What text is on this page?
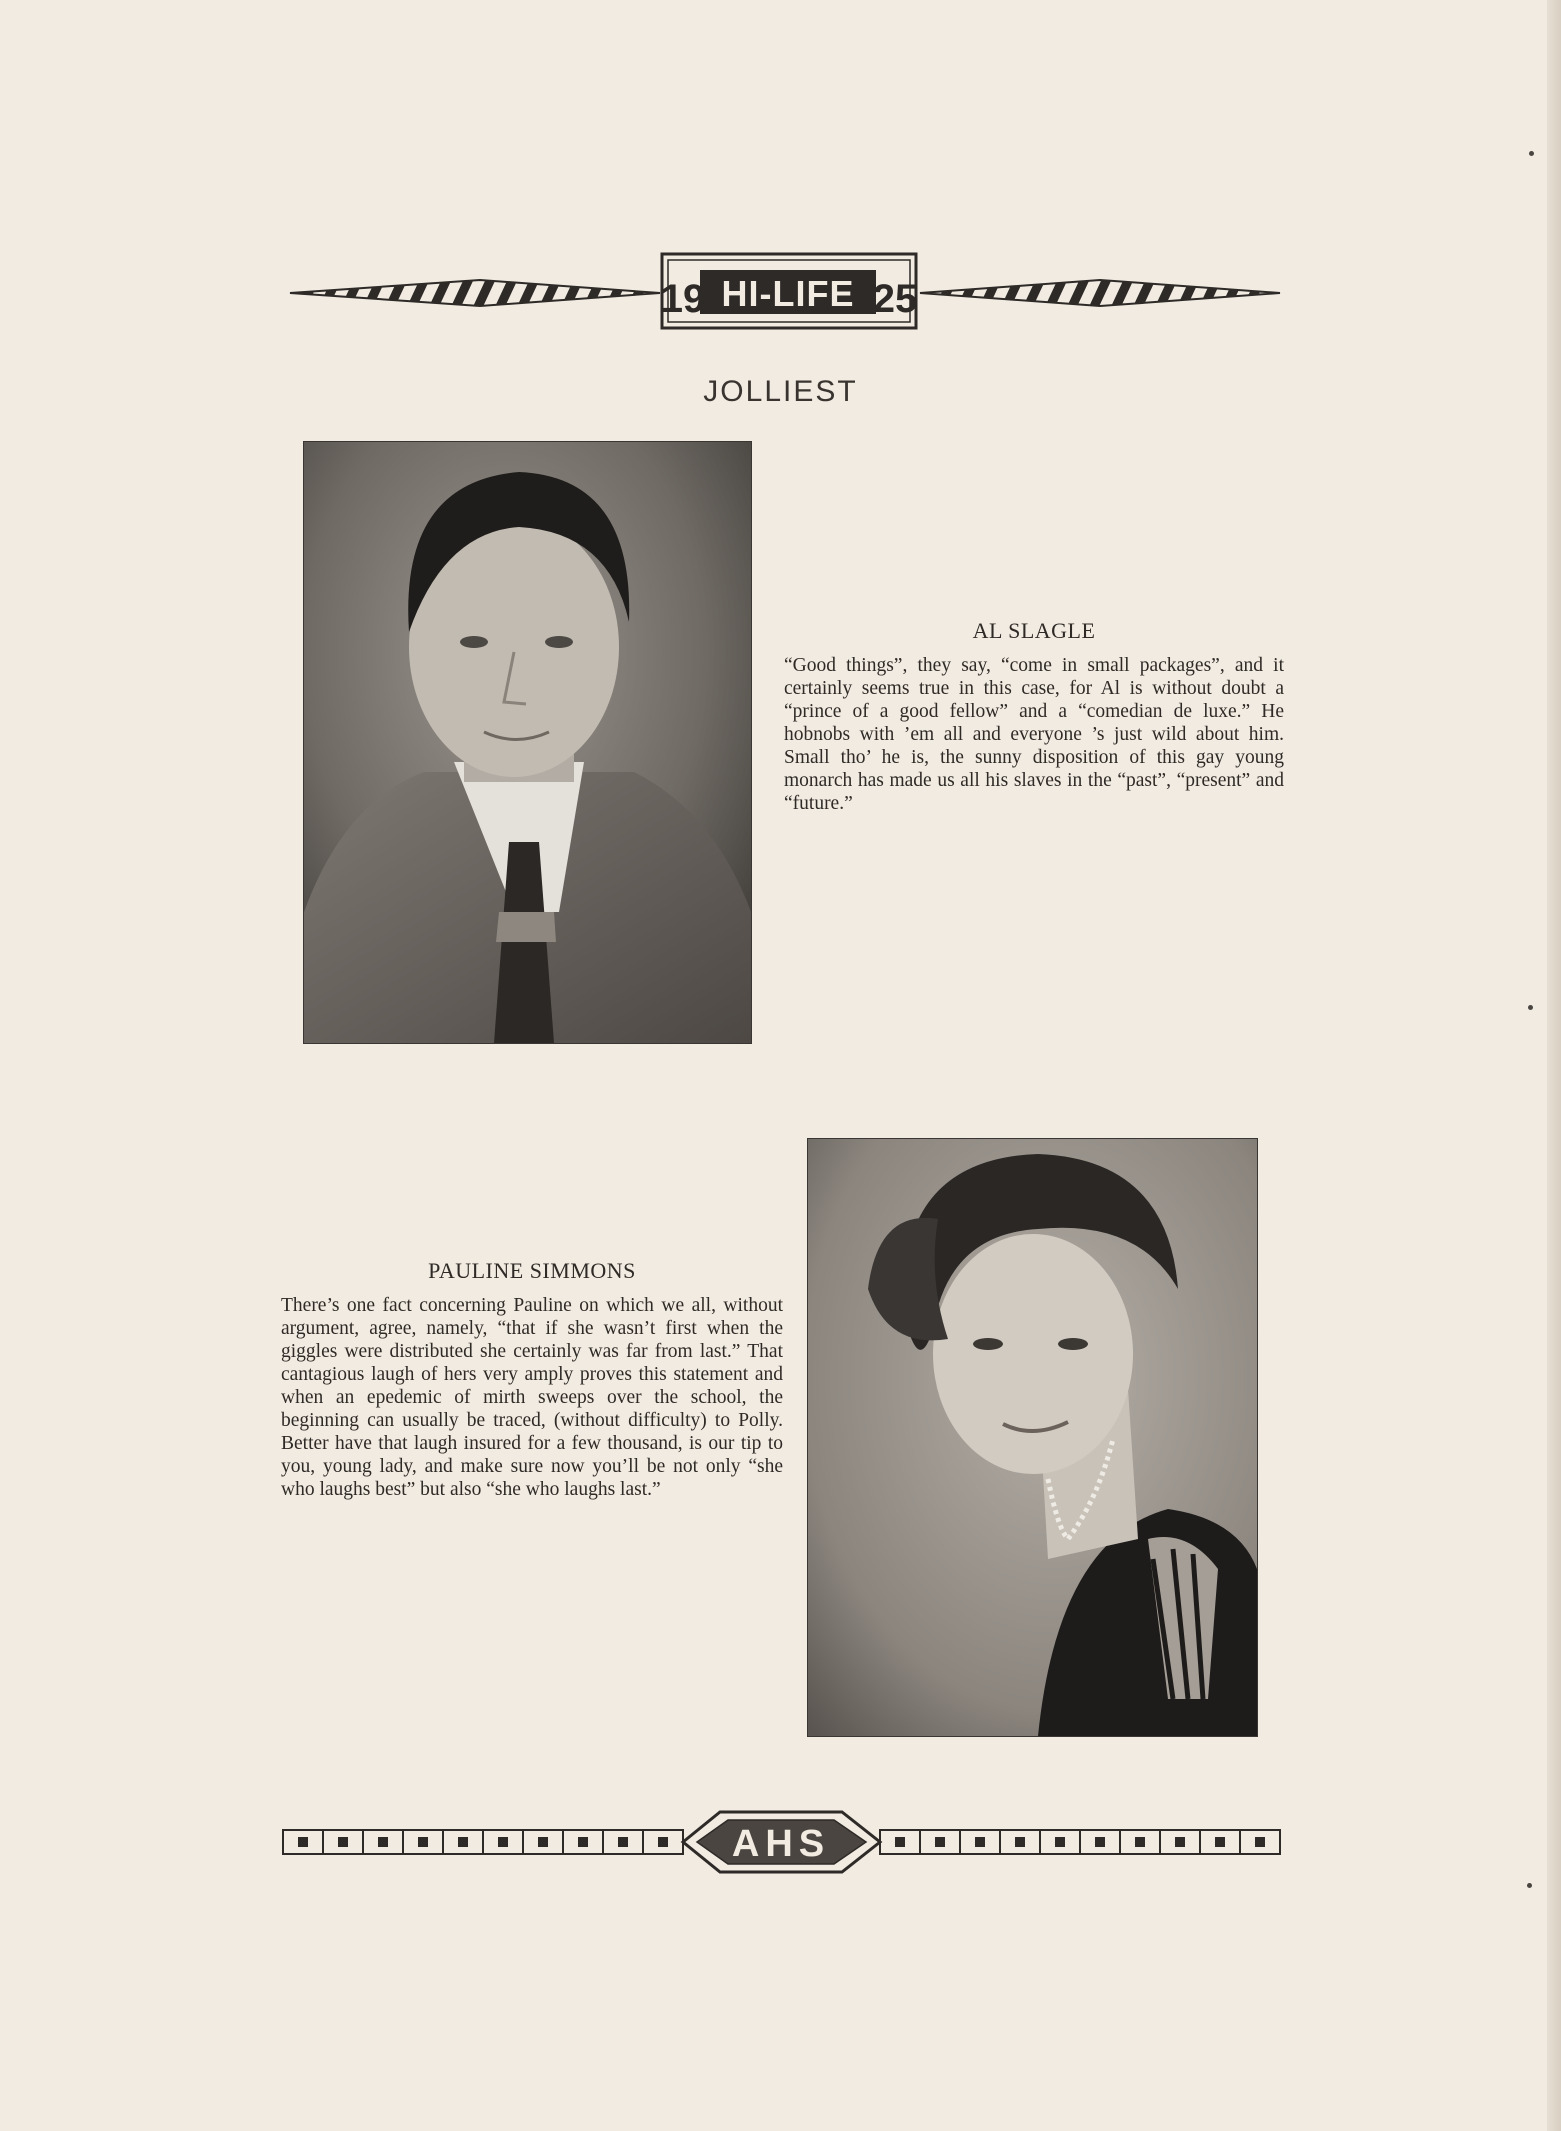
19 HI-LIFE 25
JOLLIEST

AL SLAGLE

“Good things”, they say, “come in small packages”, and it certainly seems true in this case, for Al is without doubt a “prince of a good fellow” and a “comedian de luxe.” He hobnobs with ’em all and everyone ’s just wild about him. Small tho’ he is, the sunny disposition of this gay young monarch has made us all his slaves in the “past”, “present” and “future.”

PAULINE SIMMONS

There’s one fact concerning Pauline on which we all, without argument, agree, namely, “that if she wasn’t first when the giggles were distributed she certainly was far from last.” That cantagious laugh of hers very amply proves this statement and when an epedemic of mirth sweeps over the school, the beginning can usually be traced, (without difficulty) to Polly. Better have that laugh insured for a few thousand, is our tip to you, young lady, and make sure now you’ll be not only “she who laughs best” but also “she who laughs last.”

AHS
